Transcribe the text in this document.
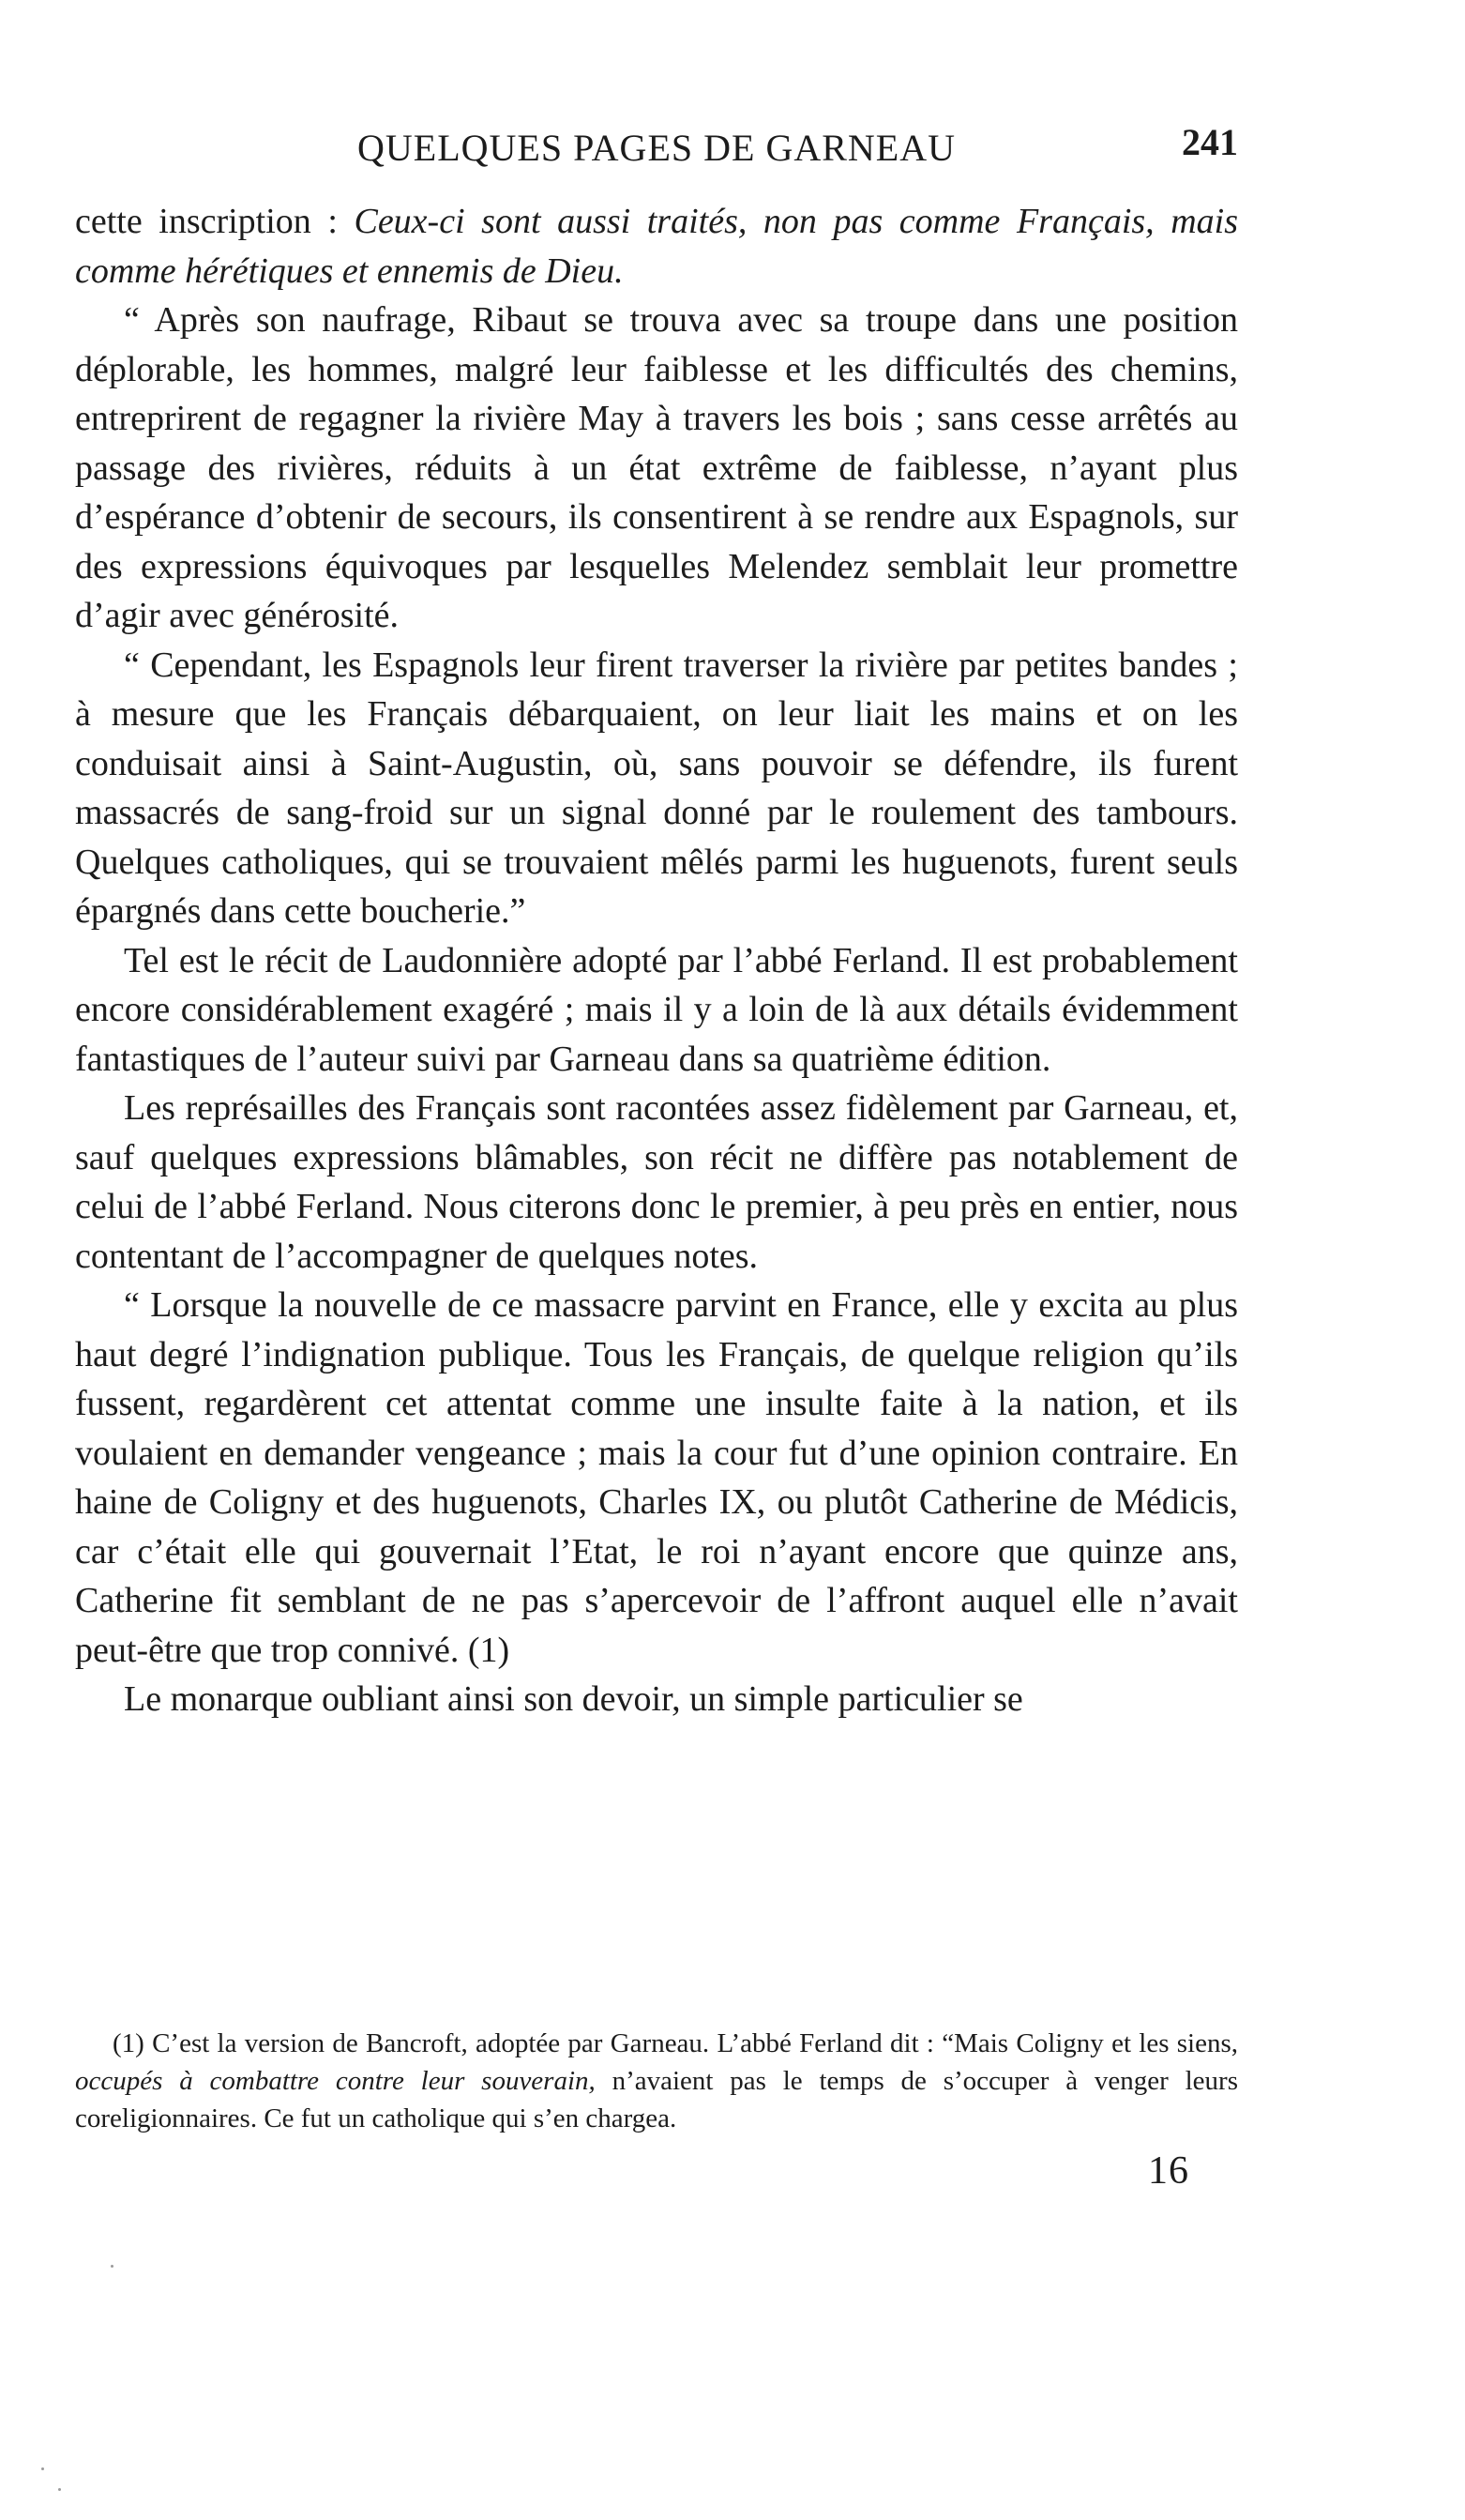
QUELQUES PAGES DE GARNEAU	241

cette inscription : Ceux-ci sont aussi traités, non pas comme Français, mais comme hérétiques et ennemis de Dieu.

“ Après son naufrage, Ribaut se trouva avec sa troupe dans une position déplorable, les hommes, malgré leur faiblesse et les difficultés des chemins, entreprirent de regagner la rivière May à travers les bois ; sans cesse arrêtés au passage des rivières, réduits à un état extrême de faiblesse, n’ayant plus d’espérance d’obtenir de secours, ils consentirent à se rendre aux Espagnols, sur des expressions équivoques par lesquelles Melendez semblait leur promettre d’agir avec générosité.

“ Cependant, les Espagnols leur firent traverser la rivière par petites bandes ; à mesure que les Français débarquaient, on leur liait les mains et on les conduisait ainsi à Saint-Augustin, où, sans pouvoir se défendre, ils furent massacrés de sang-froid sur un signal donné par le roulement des tambours. Quelques catholiques, qui se trouvaient mêlés parmi les huguenots, furent seuls épargnés dans cette boucherie.”

Tel est le récit de Laudonnière adopté par l’abbé Ferland. Il est probablement encore considérablement exagéré ; mais il y a loin de là aux détails évidemment fantastiques de l’auteur suivi par Garneau dans sa quatrième édition.

Les représailles des Français sont racontées assez fidèlement par Garneau, et, sauf quelques expressions blâmables, son récit ne diffère pas notablement de celui de l’abbé Ferland. Nous citerons donc le premier, à peu près en entier, nous contentant de l’accompagner de quelques notes.

“ Lorsque la nouvelle de ce massacre parvint en France, elle y excita au plus haut degré l’indignation publique. Tous les Français, de quelque religion qu’ils fussent, regardèrent cet attentat comme une insulte faite à la nation, et ils voulaient en demander vengeance ; mais la cour fut d’une opinion contraire. En haine de Coligny et des huguenots, Charles IX, ou plutôt Catherine de Médicis, car c’était elle qui gouvernait l’Etat, le roi n’ayant encore que quinze ans, Catherine fit semblant de ne pas s’apercevoir de l’affront auquel elle n’avait peut-être que trop connivé. (1)

Le monarque oubliant ainsi son devoir, un simple particulier se

(1) C’est la version de Bancroft, adoptée par Garneau. L’abbé Ferland dit : “Mais Coligny et les siens, occupés à combattre contre leur souverain, n’avaient pas le temps de s’occuper à venger leurs coreligionnaires. Ce fut un catholique qui s’en chargea.

16
